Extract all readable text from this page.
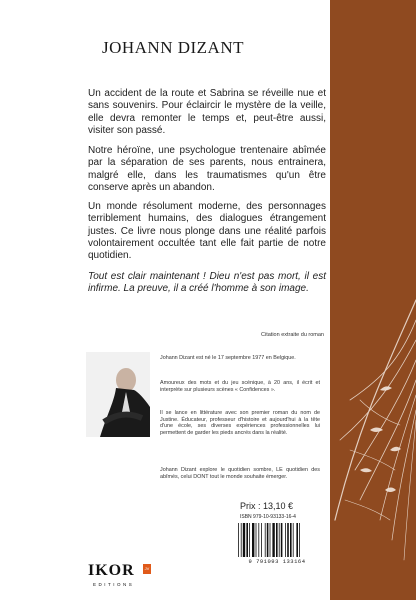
JOHANN DIZANT

Un accident de la route et Sabrina se réveille nue et sans souvenirs. Pour éclaircir le mystère de la veille, elle devra remonter le temps et, peut-être aussi, visiter son passé.

Notre héroïne, une psychologue trentenaire abîmée par la séparation de ses parents, nous entrainera, malgré elle, dans les traumatismes qu'un être conserve après un abandon.

Un monde résolument moderne, des personnages terriblement humains, des dialogues étrangement justes. Ce livre nous plonge dans une réalité parfois volontairement occultée tant elle fait partie de notre quotidien.

Tout est clair maintenant ! Dieu n'est pas mort, il est infirme. La preuve, il a créé l'homme à son image.

Citation extraite du roman

Johann Dizant est né le 17 septembre 1977 en Belgique.

Amoureux des mots et du jeu scénique, à 20 ans, il écrit et interprète sur plusieurs scènes « Confidences ».

Il se lance en littérature avec son premier roman du nom de Justine. Éducateur, professeur d'histoire et aujourd'hui à la tête d'une école, ses diverses expériences professionnelles lui permettent de garder les pieds ancrés dans la réalité.

Johann Dizant explore le quotidien sombre, LE quotidien des abîmés, celui DONT tout le monde souhaite émerger.

Prix : 13,10 €
ISBN 979-10-93133-16-4
9 791093 133164
IKOR	JV
EDITIONS
